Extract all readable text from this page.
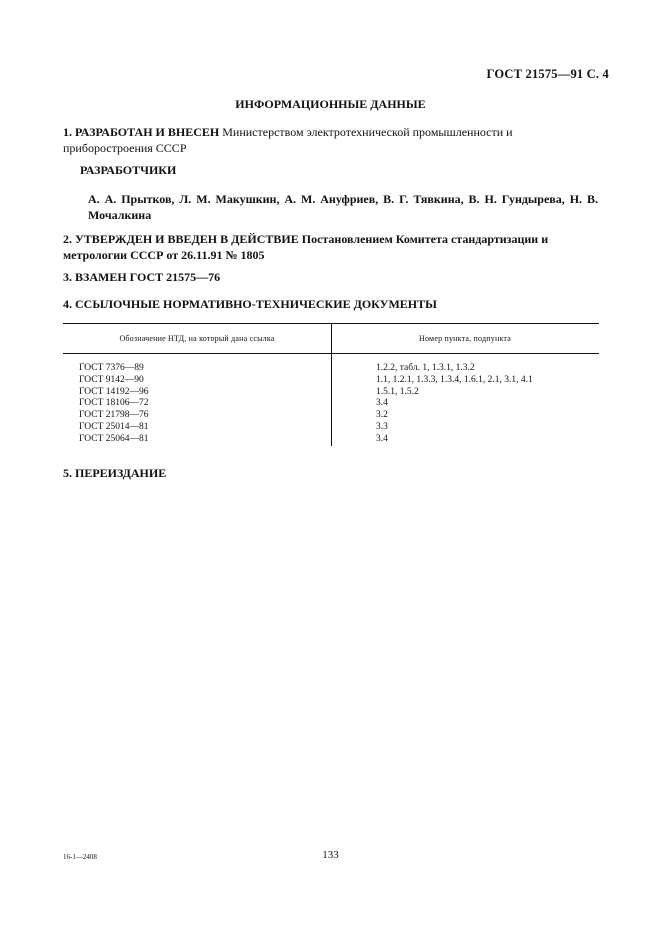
ГОСТ 21575—91 С. 4
ИНФОРМАЦИОННЫЕ ДАННЫЕ
1. РАЗРАБОТАН И ВНЕСЕН Министерством электротехнической промышленности и приборостроения СССР
РАЗРАБОТЧИКИ
А. А. Прытков, Л. М. Макушкин, А. М. Ануфриев, В. Г. Тявкина, В. Н. Гундырева, Н. В. Мочалкина
2. УТВЕРЖДЕН И ВВЕДЕН В ДЕЙСТВИЕ Постановлением Комитета стандартизации и метрологии СССР от 26.11.91 № 1805
3. ВЗАМЕН ГОСТ 21575—76
4. ССЫЛОЧНЫЕ НОРМАТИВНО-ТЕХНИЧЕСКИЕ ДОКУМЕНТЫ
Обозначение НТД, на который дана ссылка	Номер пункта, подпункта
ГОСТ 7376—89
ГОСТ 9142—90
ГОСТ 14192—96
ГОСТ 18106—72
ГОСТ 21798—76
ГОСТ 25014—81
ГОСТ 25064—81
1.2.2, табл. 1, 1.3.1, 1.3.2
1.1, 1.2.1, 1.3.3, 1.3.4, 1.6.1, 2.1, 3.1, 4.1
1.5.1, 1.5.2
3.4
3.2
3.3
3.4
5. ПЕРЕИЗДАНИЕ
16-1—2408	133
